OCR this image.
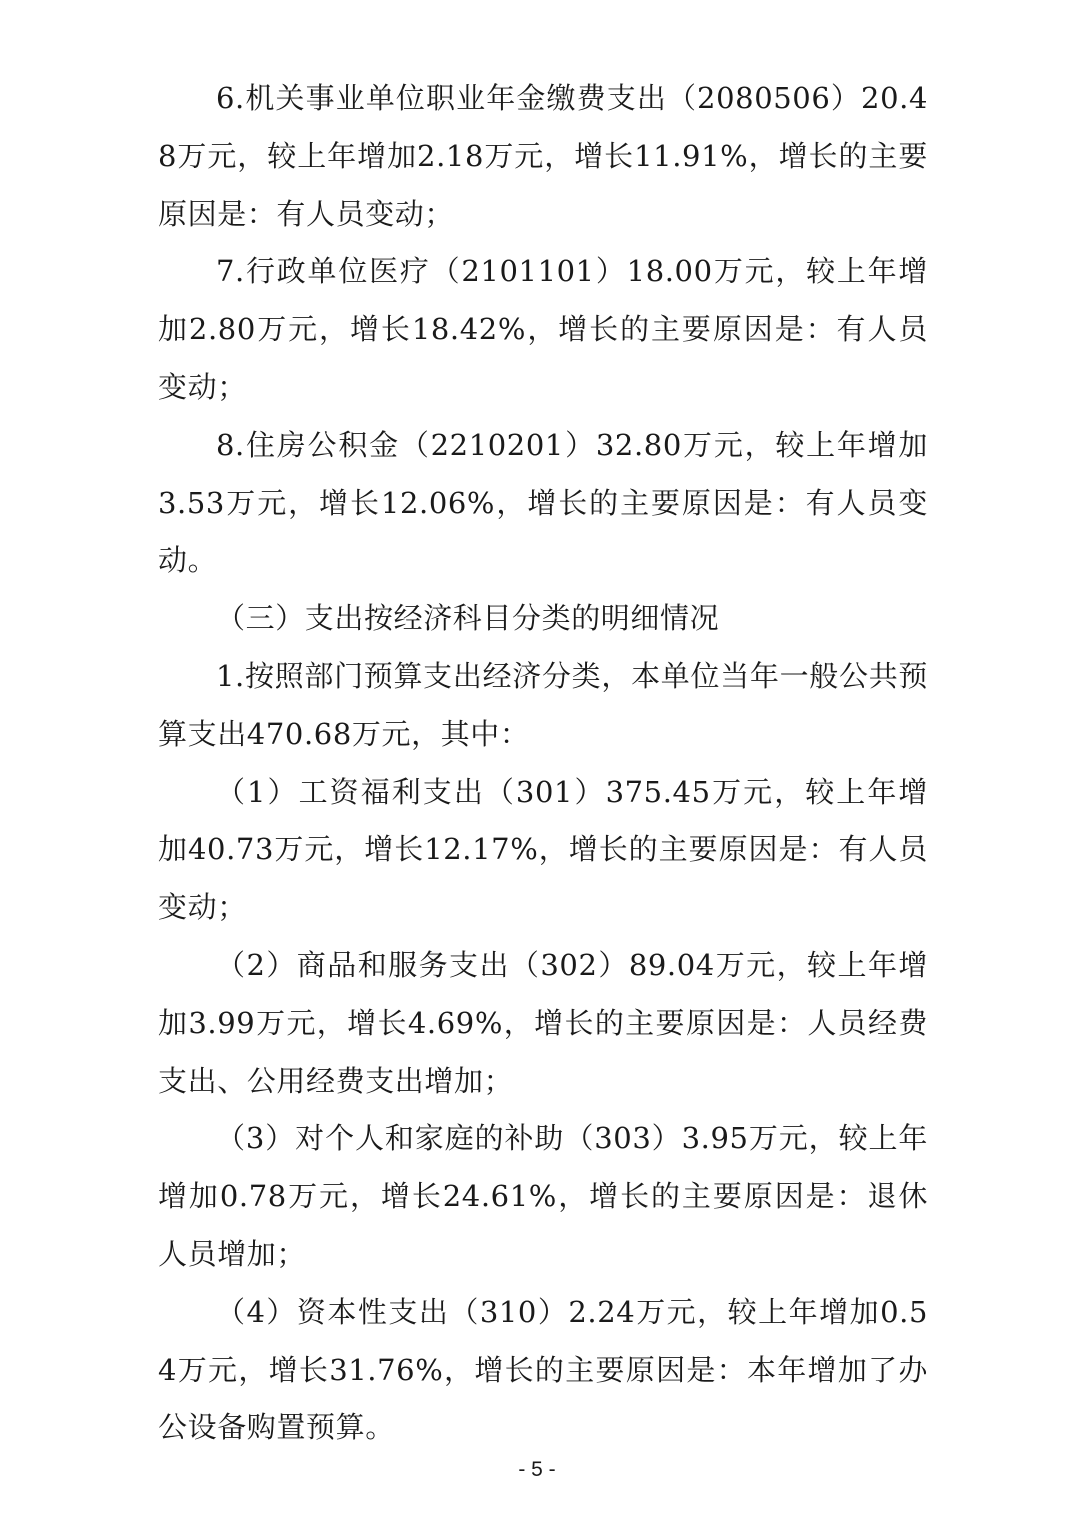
6.机关事业单位职业年金缴费支出（2080506）20.48万元，较上年增加2.18万元，增长11.91%，增长的主要原因是：有人员变动；

7.行政单位医疗（2101101）18.00万元，较上年增加2.80万元，增长18.42%，增长的主要原因是：有人员变动；

8.住房公积金（2210201）32.80万元，较上年增加3.53万元，增长12.06%，增长的主要原因是：有人员变动。

（三）支出按经济科目分类的明细情况

1.按照部门预算支出经济分类，本单位当年一般公共预算支出470.68万元，其中：

（1）工资福利支出（301）375.45万元，较上年增加40.73万元，增长12.17%，增长的主要原因是：有人员变动；

（2）商品和服务支出（302）89.04万元，较上年增加3.99万元，增长4.69%，增长的主要原因是：人员经费支出、公用经费支出增加；

（3）对个人和家庭的补助（303）3.95万元，较上年增加0.78万元，增长24.61%，增长的主要原因是：退休人员增加；

（4）资本性支出（310）2.24万元，较上年增加0.54万元，增长31.76%，增长的主要原因是：本年增加了办公设备购置预算。

- 5 -
